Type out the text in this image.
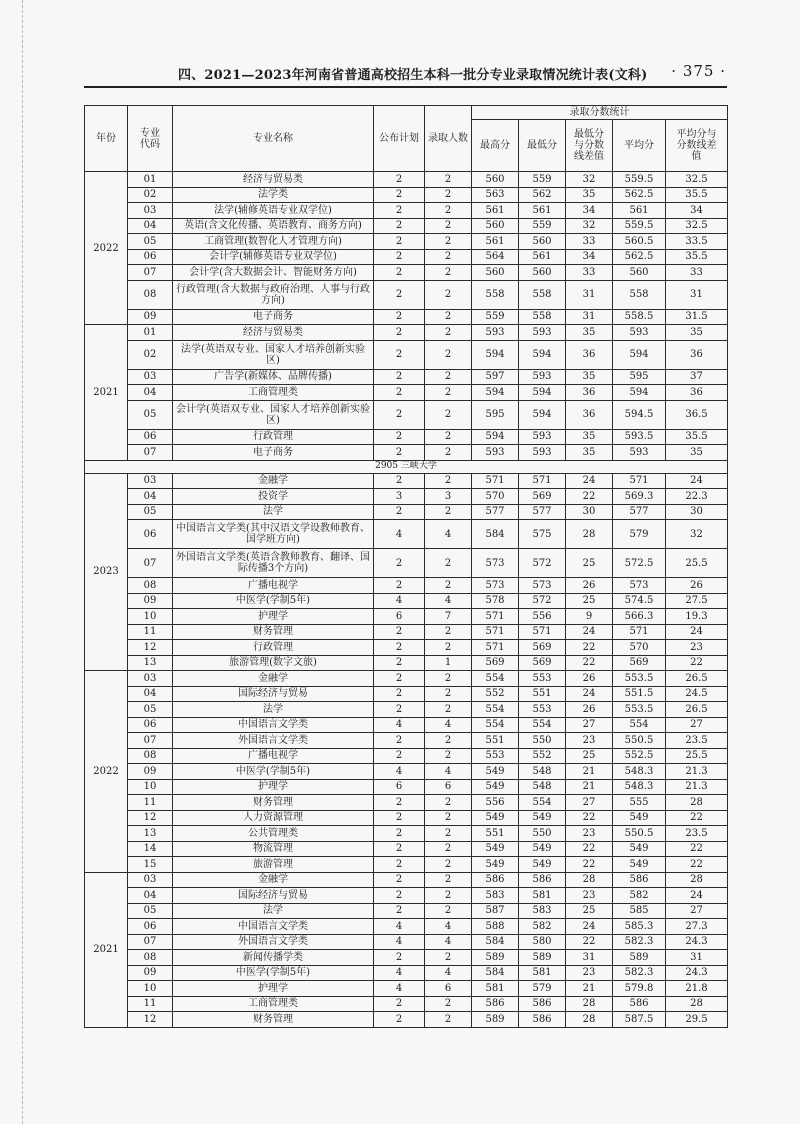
四、2021—2023年河南省普通高校招生本科一批分专业录取情况统计表(文科) · 375 ·
年份	专业代码	专业名称	公布计划	录取人数	录取分数统计				
					最高分	最低分	最低分与分数线差值	平均分	平均分与分数线差值
2022	01	经济与贸易类	2	2	560	559	32	559.5	32.5
	02	法学类	2	2	563	562	35	562.5	35.5
	03	法学(辅修英语专业双学位)	2	2	561	561	34	561	34
	04	英语(含文化传播、英语教育、商务方向)	2	2	560	559	32	559.5	32.5
	05	工商管理(数智化人才管理方向)	2	2	561	560	33	560.5	33.5
	06	会计学(辅修英语专业双学位)	2	2	564	561	34	562.5	35.5
	07	会计学(含大数据会计、智能财务方向)	2	2	560	560	33	560	33
	08	行政管理(含大数据与政府治理、人事与行政方向)	2	2	558	558	31	558	31
	09	电子商务	2	2	559	558	31	558.5	31.5
2021	01	经济与贸易类	2	2	593	593	35	593	35
	02	法学(英语双专业、国家人才培养创新实验区)	2	2	594	594	36	594	36
	03	广告学(新媒体、品牌传播)	2	2	597	593	35	595	37
	04	工商管理类	2	2	594	594	36	594	36
	05	会计学(英语双专业、国家人才培养创新实验区)	2	2	595	594	36	594.5	36.5
	06	行政管理	2	2	594	593	35	593.5	35.5
	07	电子商务	2	2	593	593	35	593	35
2905 三峡大学									
2023	03	金融学	2	2	571	571	24	571	24
	04	投资学	3	3	570	569	22	569.3	22.3
	05	法学	2	2	577	577	30	577	30
	06	中国语言文学类(其中汉语文学设教师教育、国学班方向)	4	4	584	575	28	579	32
	07	外国语言文学类(英语含教师教育、翻译、国际传播3个方向)	2	2	573	572	25	572.5	25.5
	08	广播电视学	2	2	573	573	26	573	26
	09	中医学(学制5年)	4	4	578	572	25	574.5	27.5
	10	护理学	6	7	571	556	9	566.3	19.3
	11	财务管理	2	2	571	571	24	571	24
	12	行政管理	2	2	571	569	22	570	23
	13	旅游管理(数字文旅)	2	1	569	569	22	569	22
2022	03	金融学	2	2	554	553	26	553.5	26.5
	04	国际经济与贸易	2	2	552	551	24	551.5	24.5
	05	法学	2	2	554	553	26	553.5	26.5
	06	中国语言文学类	4	4	554	554	27	554	27
	07	外国语言文学类	2	2	551	550	23	550.5	23.5
	08	广播电视学	2	2	553	552	25	552.5	25.5
	09	中医学(学制5年)	4	4	549	548	21	548.3	21.3
	10	护理学	6	6	549	548	21	548.3	21.3
	11	财务管理	2	2	556	554	27	555	28
	12	人力资源管理	2	2	549	549	22	549	22
	13	公共管理类	2	2	551	550	23	550.5	23.5
	14	物流管理	2	2	549	549	22	549	22
	15	旅游管理	2	2	549	549	22	549	22
2021	03	金融学	2	2	586	586	28	586	28
	04	国际经济与贸易	2	2	583	581	23	582	24
	05	法学	2	2	587	583	25	585	27
	06	中国语言文学类	4	4	588	582	24	585.3	27.3
	07	外国语言文学类	4	4	584	580	22	582.3	24.3
	08	新闻传播学类	2	2	589	589	31	589	31
	09	中医学(学制5年)	4	4	584	581	23	582.3	24.3
	10	护理学	4	6	581	579	21	579.8	21.8
	11	工商管理类	2	2	586	586	28	586	28
	12	财务管理	2	2	589	586	28	587.5	29.5
